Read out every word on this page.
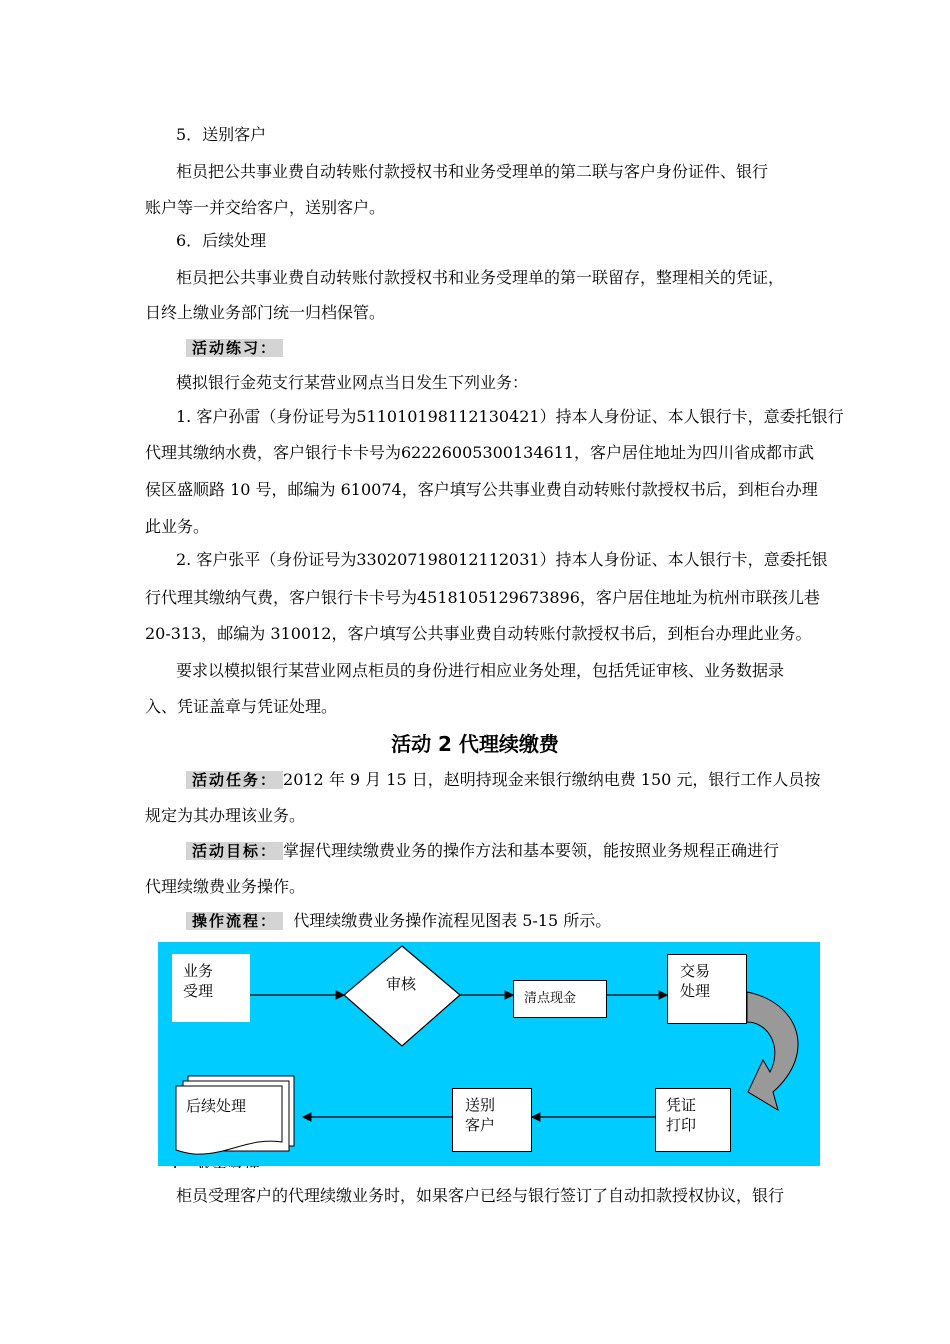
5．送别客户
柜员把公共事业费自动转账付款授权书和业务受理单的第二联与客户身份证件、银行
账户等一并交给客户，送别客户。
6．后续处理
柜员把公共事业费自动转账付款授权书和业务受理单的第一联留存，整理相关的凭证，
日终上缴业务部门统一归档保管。
活动练习：
模拟银行金苑支行某营业网点当日发生下列业务：
1. 客户孙雷（身份证号为511010198112130421）持本人身份证、本人银行卡，意委托银行
代理其缴纳水费，客户银行卡卡号为62226005300134611，客户居住地址为四川省成都市武
侯区盛顺路 10 号，邮编为 610074，客户填写公共事业费自动转账付款授权书后，到柜台办理
此业务。
2. 客户张平（身份证号为330207198012112031）持本人身份证、本人银行卡，意委托银
行代理其缴纳气费，客户银行卡卡号为4518105129673896，客户居住地址为杭州市联孩儿巷
20-313，邮编为 310012，客户填写公共事业费自动转账付款授权书后，到柜台办理此业务。
要求以模拟银行某营业网点柜员的身份进行相应业务处理，包括凭证审核、业务数据录
入、凭证盖章与凭证处理。
活动 2 代理续缴费
活动任务： 2012 年 9 月 15 日，赵明持现金来银行缴纳电费 150 元，银行工作人员按
规定为其办理该业务。
活动目标： 掌握代理续缴费业务的操作方法和基本要领，能按照业务规程正确进行
代理续缴费业务操作。
操作流程： 代理续缴费业务操作流程见图表 5-15 所示。
业务
受理	审核
清点现金
交易
处理
凭证
打印
送别
客户
后续处理
柜员受理客户的代理续缴业务时，如果客户已经与银行签订了自动扣款授权协议，银行
